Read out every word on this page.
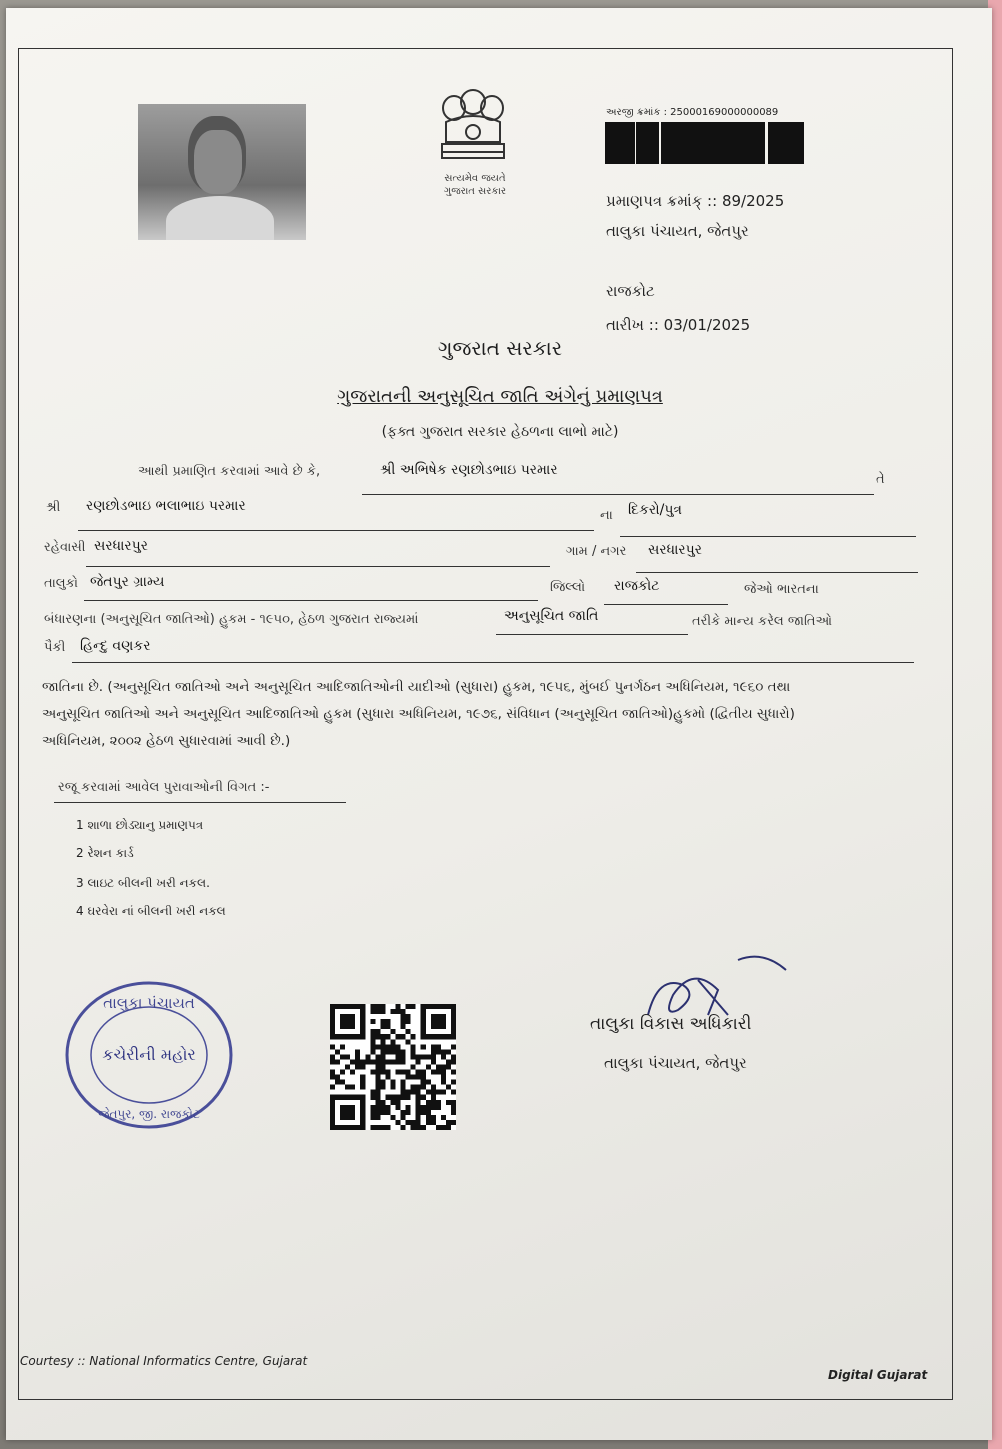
સત્યમેવ જયતે
ગુજરાત સરકાર
અરજી ક્રમાંક : 25000169000000089
પ્રમાણપત્ર ક્રમાંક્ :: 89/2025
તાલુકા પંચાયત, જેતપુર
રાજકોટ
તારીખ :: 03/01/2025
ગુજરાત સરકાર
ગુજરાતની અનુસૂચિત જાતિ અંગેનું પ્રમાણપત્ર
(ફક્ત ગુજરાત સરકાર હેઠળના લાભો માટે)
આથી પ્રમાણિત કરવામાં આવે છે કે,	શ્રી અભિષેક રણછોડભાઇ પરમાર
તે
શ્રી રણછોડભાઇ ભલાભાઇ પરમાર
ના દિકરો/પુત્ર
રહેવાસી સરધારપુર	ગામ / નગર સરધારપુર
તાલુકો જેતપુર ગ્રામ્ય	જિલ્લો રાજકોટ	જેઓ ભારતના
બંધારણના (અનુસૂચિત જાતિઓ) હુકમ - ૧૯૫૦, હેઠળ ગુજરાત રાજ્યમાં	અનુસૂચિત જાતિ	તરીકે માન્ય કરેલ જાતિઓ
પૈકી હિન્દુ વણકર
જાતિના છે. (અનુસૂચિત જાતિઓ અને અનુસૂચિત આદિજાતિઓની યાદીઓ (સુધારા) હુકમ, ૧૯૫૬, મુંબઈ પુનર્ગઠન અધિનિયમ, ૧૯૬૦ તથા
અનુસૂચિત જાતિઓ અને અનુસૂચિત આદિજાતિઓ હુકમ (સુધારા અધિનિયમ, ૧૯૭૬, સંવિધાન (અનુસૂચિત જાતિઓ)હુકમો (દ્વિતીય સુધારો)
અધિનિયમ, ૨૦૦૨ હેઠળ સુધારવામાં આવી છે.)
રજૂ કરવામાં આવેલ પુરાવાઓની વિગત :-
1 શાળા છોડ્યાનુ પ્રમાણપત્ર
2 રેશન કાર્ડ
3 લાઇટ બીલની ખરી નકલ.
4 ઘરવેરા નાં બીલની ખરી નકલ
તાલુકા પંચાયત
કચેરીની મહોર
જેતપુર, જી. રાજકોટ
તાલુકા વિકાસ અધિકારી
તાલુકા પંચાયત, જેતપુર
Courtesy :: National Informatics Centre, Gujarat
Digital Gujarat
